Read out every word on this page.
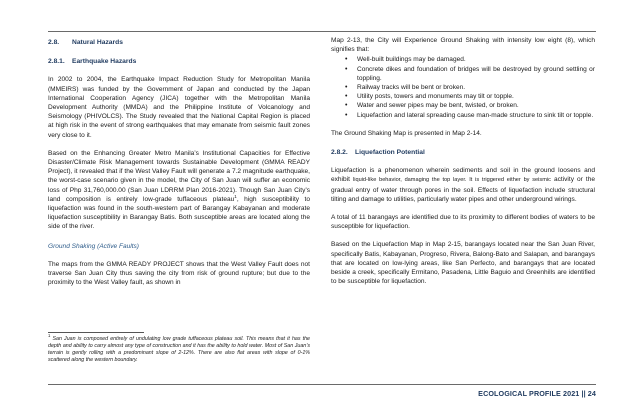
2.8. Natural Hazards
2.8.1. Earthquake Hazards

In 2002 to 2004, the Earthquake Impact Reduction Study for Metropolitan Manila (MMEIRS) was funded by the Government of Japan and conducted by the Japan International Cooperation Agency (JICA) together with the Metropolitan Manila Development Authority (MMDA) and the Philippine Institute of Volcanology and Seismology (PHIVOLCS). The Study revealed that the National Capital Region is placed at high risk in the event of strong earthquakes that may emanate from seismic fault zones very close to it.

Based on the Enhancing Greater Metro Manila’s Institutional Capacities for Effective Disaster/Climate Risk Management towards Sustainable Development (GMMA READY Project), it revealed that if the West Valley Fault will generate a 7.2 magnitude earthquake, the worst-case scenario given in the model, the City of San Juan will suffer an economic loss of Php 31,760,000.00 (San Juan LDRRM Plan 2016-2021). Though San Juan City’s land composition is entirely low-grade tuffaceous plateau$^1$, high susceptibility to liquefaction was found in the south-western part of Barangay Kabayanan and moderate liquefaction susceptibility in Barangay Batis. Both susceptible areas are located along the side of the river.

Ground Shaking (Active Faults)

The maps from the GMMA READY PROJECT shows that the West Valley Fault does not traverse San Juan City thus saving the city from risk of ground rupture; but due to the proximity to the West Valley fault, as shown in

$^1$ San Juan is composed entirely of undulating low grade tuffaceous plateau soil. This means that it has the depth and ability to carry almost any type of construction and it has the ability to hold water. Most of San Juan’s terrain is gently rolling with a predominant slope of 2-12%. There are also flat areas with slope of 0-1% scattered along the western boundary.

Map 2-13, the City will Experience Ground Shaking with intensity low eight (8), which signifies that:

• Well-built buildings may be damaged.
• Concrete dikes and foundation of bridges will be destroyed by ground settling or toppling.
• Railway tracks will be bent or broken.
• Utility posts, towers and monuments may tilt or topple.
• Water and sewer pipes may be bent, twisted, or broken.
• Liquefaction and lateral spreading cause man-made structure to sink tilt or topple.

The Ground Shaking Map is presented in Map 2-14.

2.8.2. Liquefaction Potential

Liquefaction is a phenomenon wherein sediments and soil in the ground loosens and exhibit liquid-like behavior, damaging the top layer. It is triggered either by seismic activity or the gradual entry of water through pores in the soil. Effects of liquefaction include structural tilting and damage to utilities, particularly water pipes and other underground wirings.

A total of 11 barangays are identified due to its proximity to different bodies of waters to be susceptible for liquefaction.

Based on the Liquefaction Map in Map 2-15, barangays located near the San Juan River, specifically Batis, Kabayanan, Progreso, Rivera, Balong-Bato and Salapan, and barangays that are located on low-lying areas, like San Perfecto, and barangays that are located beside a creek, specifically Ermitano, Pasadena, Little Baguio and Greenhills are identified to be susceptible for liquefaction.

ECOLOGICAL PROFILE 2021 || 24
